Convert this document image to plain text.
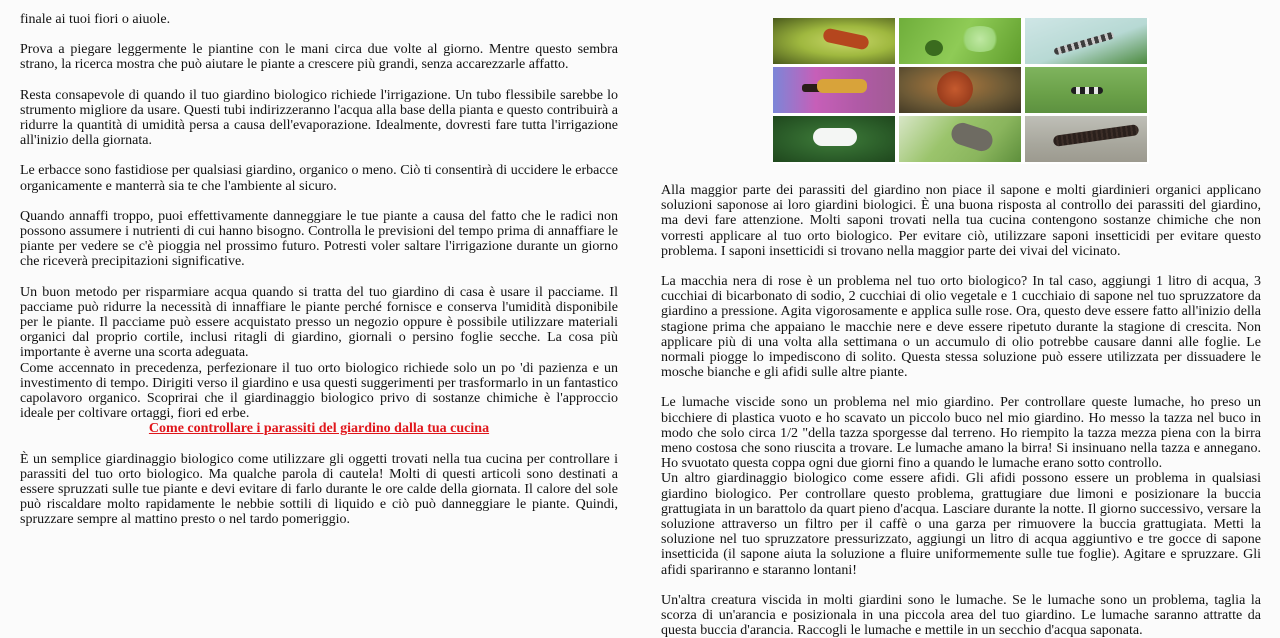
finale ai tuoi fiori o aiuole.

Prova a piegare leggermente le piantine con le mani circa due volte al giorno. Mentre questo sembra strano, la ricerca mostra che può aiutare le piante a crescere più grandi, senza accarezzarle affatto.

Resta consapevole di quando il tuo giardino biologico richiede l'irrigazione. Un tubo flessibile sarebbe lo strumento migliore da usare. Questi tubi indirizzeranno l'acqua alla base della pianta e questo contribuirà a ridurre la quantità di umidità persa a causa dell'evaporazione. Idealmente, dovresti fare tutta l'irrigazione all'inizio della giornata.

Le erbacce sono fastidiose per qualsiasi giardino, organico o meno. Ciò ti consentirà di uccidere le erbacce organicamente e manterrà sia te che l'ambiente al sicuro.

Quando annaffi troppo, puoi effettivamente danneggiare le tue piante a causa del fatto che le radici non possono assumere i nutrienti di cui hanno bisogno. Controlla le previsioni del tempo prima di annaffiare le piante per vedere se c'è pioggia nel prossimo futuro. Potresti voler saltare l'irrigazione durante un giorno che riceverà precipitazioni significative.

Un buon metodo per risparmiare acqua quando si tratta del tuo giardino di casa è usare il pacciame. Il pacciame può ridurre la necessità di innaffiare le piante perché fornisce e conserva l'umidità disponibile per le piante. Il pacciame può essere acquistato presso un negozio oppure è possibile utilizzare materiali organici dal proprio cortile, inclusi ritagli di giardino, giornali o persino foglie secche. La cosa più importante è averne una scorta adeguata.

Come accennato in precedenza, perfezionare il tuo orto biologico richiede solo un po 'di pazienza e un investimento di tempo. Dirigiti verso il giardino e usa questi suggerimenti per trasformarlo in un fantastico capolavoro organico. Scoprirai che il giardinaggio biologico privo di sostanze chimiche è l'approccio ideale per coltivare ortaggi, fiori ed erbe.

Come controllare i parassiti del giardino dalla tua cucina

È un semplice giardinaggio biologico come utilizzare gli oggetti trovati nella tua cucina per controllare i parassiti del tuo orto biologico. Ma qualche parola di cautela! Molti di questi articoli sono destinati a essere spruzzati sulle tue piante e devi evitare di farlo durante le ore calde della giornata. Il calore del sole può riscaldare molto rapidamente le nebbie sottili di liquido e ciò può danneggiare le piante. Quindi, spruzzare sempre al mattino presto o nel tardo pomeriggio.

Alla maggior parte dei parassiti del giardino non piace il sapone e molti giardinieri organici applicano soluzioni saponose ai loro giardini biologici. È una buona risposta al controllo dei parassiti del giardino, ma devi fare attenzione. Molti saponi trovati nella tua cucina contengono sostanze chimiche che non vorresti applicare al tuo orto biologico. Per evitare ciò, utilizzare saponi insetticidi per evitare questo problema. I saponi insetticidi si trovano nella maggior parte dei vivai del vicinato.

La macchia nera di rose è un problema nel tuo orto biologico? In tal caso, aggiungi 1 litro di acqua, 3 cucchiai di bicarbonato di sodio, 2 cucchiai di olio vegetale e 1 cucchiaio di sapone nel tuo spruzzatore da giardino a pressione. Agita vigorosamente e applica sulle rose. Ora, questo deve essere fatto all'inizio della stagione prima che appaiano le macchie nere e deve essere ripetuto durante la stagione di crescita. Non applicare più di una volta alla settimana o un accumulo di olio potrebbe causare danni alle foglie. Le normali piogge lo impediscono di solito. Questa stessa soluzione può essere utilizzata per dissuadere le mosche bianche e gli afidi sulle altre piante.

Le lumache viscide sono un problema nel mio giardino. Per controllare queste lumache, ho preso un bicchiere di plastica vuoto e ho scavato un piccolo buco nel mio giardino. Ho messo la tazza nel buco in modo che solo circa 1/2 "della tazza sporgesse dal terreno. Ho riempito la tazza mezza piena con la birra meno costosa che sono riuscita a trovare. Le lumache amano la birra! Si insinuano nella tazza e annegano. Ho svuotato questa coppa ogni due giorni fino a quando le lumache erano sotto controllo.

Un altro giardinaggio biologico come essere afidi. Gli afidi possono essere un problema in qualsiasi giardino biologico. Per controllare questo problema, grattugiare due limoni e posizionare la buccia grattugiata in un barattolo da quart pieno d'acqua. Lasciare durante la notte. Il giorno successivo, versare la soluzione attraverso un filtro per il caffè o una garza per rimuovere la buccia grattugiata. Metti la soluzione nel tuo spruzzatore pressurizzato, aggiungi un litro di acqua aggiuntivo e tre gocce di sapone insetticida (il sapone aiuta la soluzione a fluire uniformemente sulle tue foglie). Agitare e spruzzare. Gli afidi spariranno e staranno lontani!

Un'altra creatura viscida in molti giardini sono le lumache. Se le lumache sono un problema, taglia la scorza di un'arancia e posizionala in una piccola area del tuo giardino. Le lumache saranno attratte da questa buccia d'arancia. Raccogli le lumache e mettile in un secchio d'acqua saponata.
